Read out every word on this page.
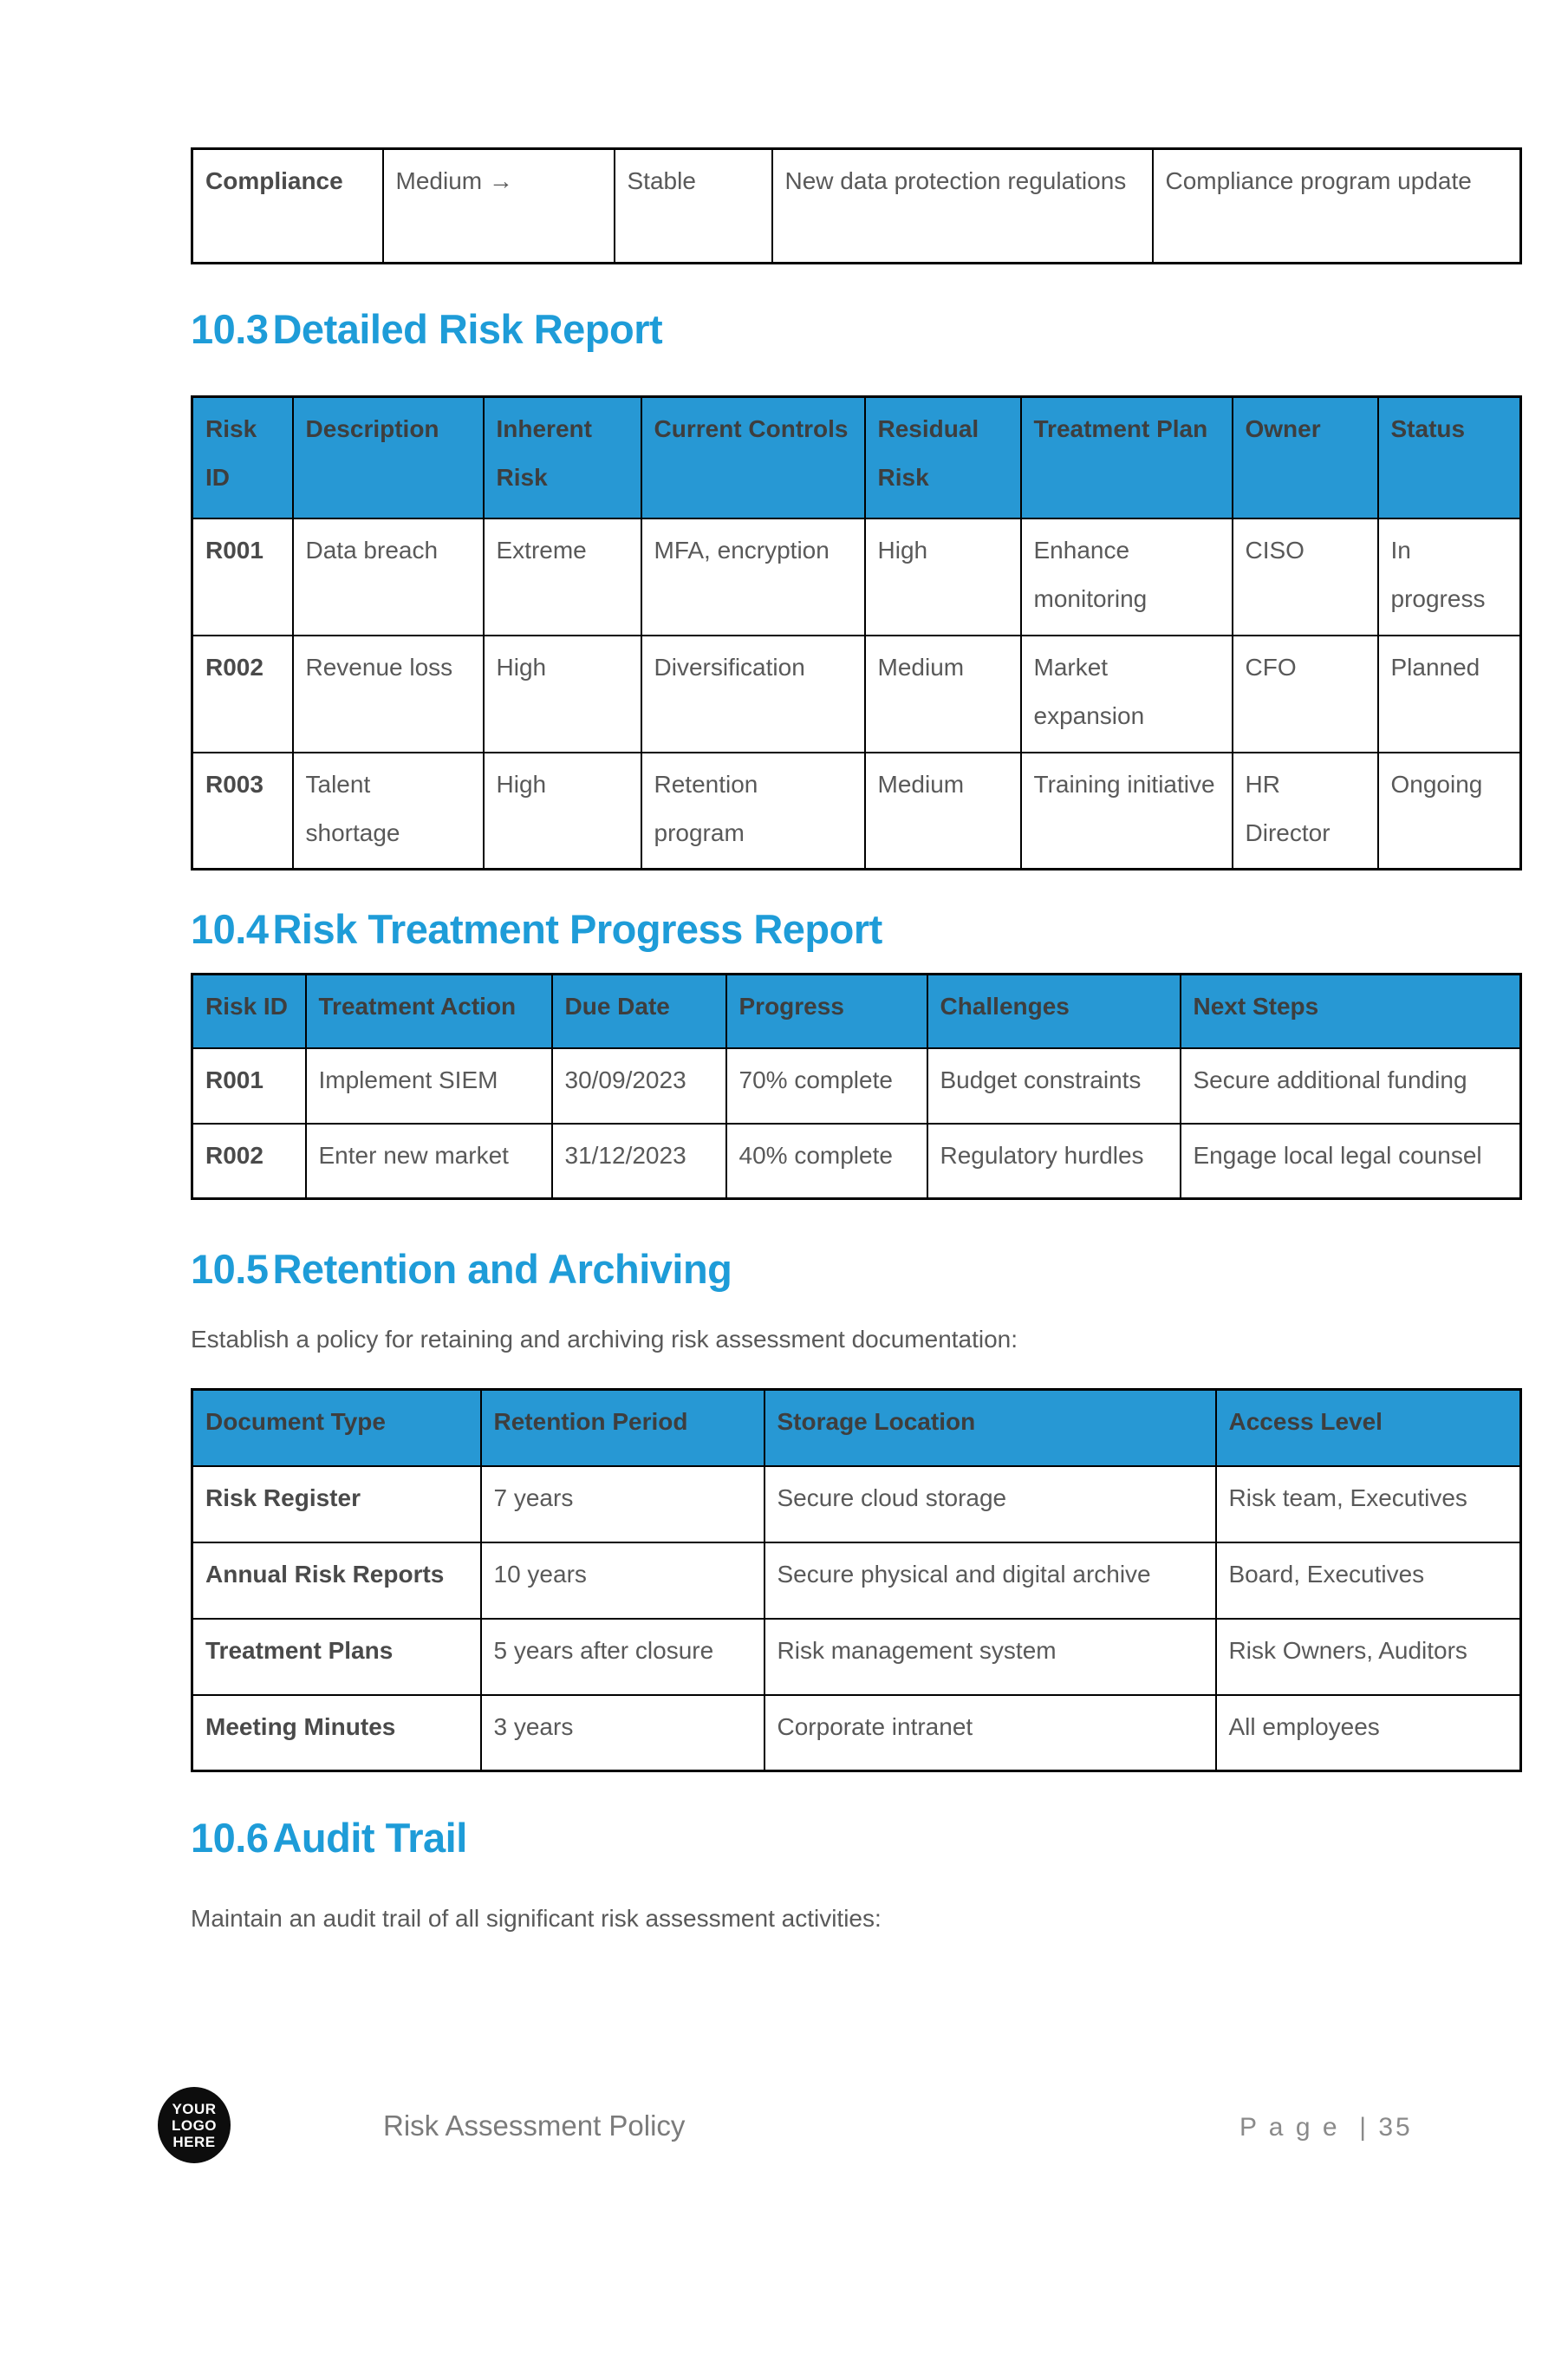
Compliance	Medium →	Stable	New data protection regulations	Compliance program update
10.3 Detailed Risk Report
Risk ID	Description	Inherent Risk	Current Controls	Residual Risk	Treatment Plan	Owner	Status
R001	Data breach	Extreme	MFA, encryption	High	Enhance monitoring	CISO	In progress
R002	Revenue loss	High	Diversification	Medium	Market expansion	CFO	Planned
R003	Talent shortage	High	Retention program	Medium	Training initiative	HR Director	Ongoing
10.4 Risk Treatment Progress Report
Risk ID	Treatment Action	Due Date	Progress	Challenges	Next Steps
R001	Implement SIEM	30/09/2023	70% complete	Budget constraints	Secure additional funding
R002	Enter new market	31/12/2023	40% complete	Regulatory hurdles	Engage local legal counsel
10.5 Retention and Archiving
Establish a policy for retaining and archiving risk assessment documentation:
Document Type	Retention Period	Storage Location	Access Level
Risk Register	7 years	Secure cloud storage	Risk team, Executives
Annual Risk Reports	10 years	Secure physical and digital archive	Board, Executives
Treatment Plans	5 years after closure	Risk management system	Risk Owners, Auditors
Meeting Minutes	3 years	Corporate intranet	All employees
10.6 Audit Trail
Maintain an audit trail of all significant risk assessment activities:
YOUR
LOGO
HERE	Risk Assessment Policy	P a g e  | 35
